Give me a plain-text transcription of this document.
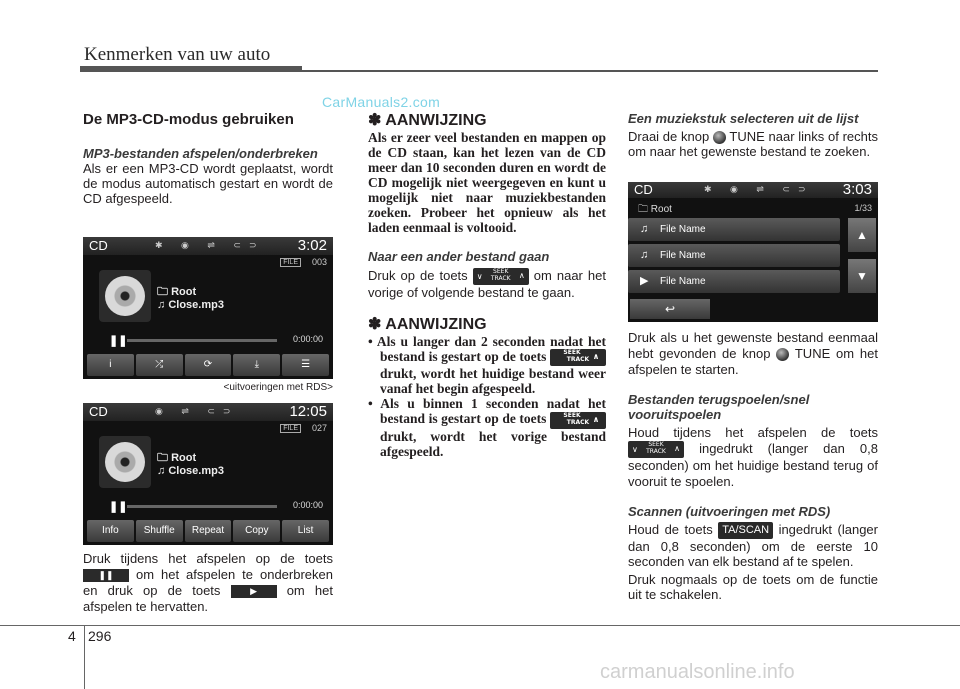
Kenmerken van uw auto
CarManuals2.com
4 296
carmanualsonline.info
De MP3-CD-modus gebruiken

MP3-bestanden afspelen/onderbreken

Als er een MP3-CD wordt geplaatst, wordt de modus automatisch gestart en wordt de CD afgespeeld.

CD	✱ ◉ ⇌ ⊂⊃ 3:02
FILE	003
🗀 Root
♫ Close.mp3
❚❚	0:00:00
i	⤮	⟳	⤓	☰
<uitvoeringen met RDS>
CD	◉ ⇌ ⊂⊃	12:05
FILE	027
🗀 Root
♫ Close.mp3
❚❚	0:00:00
Info	Shuffle	Repeat	Copy	List

Druk tijdens het afspelen op de toets ❚❚ om het afspelen te onderbreken en druk op de toets	▶ om het afspelen te hervatten.

✽ AANWIJZING

Als er zeer veel bestanden en mappen op de CD staan, kan het lezen van de CD meer dan 10 seconden duren en wordt de CD mogelijk niet weergegeven en kunt u mogelijk niet naar muziekbestanden zoeken. Probeer het opnieuw als het laden eenmaal is voltooid.

Naar een ander bestand gaan

Druk op de toets ∨
SEEK
TRACK ∧ om naar het vorige of volgende bestand te gaan.

✽ AANWIJZING

• Als u langer dan 2 seconden nadat het bestand is gestart op de toets
∨
SEEK
TRACK ∧
drukt, wordt het huidige bestand weer vanaf het begin afgespeeld.

• Als u binnen 1 seconden nadat het bestand is gestart op de toets
∨
SEEK
TRACK ∧
drukt, wordt het vorige bestand afgespeeld.

Een muziekstuk selecteren uit de lijst

Draai de knop TUNE naar links of rechts om naar het gewenste bestand te zoeken.

CD	✱ ◉ ⇌ ⊂⊃ 3:03
🗀 Root	1/33
♫ File Name
♫ File Name
▶ File Name
▲
▼
↩

Druk als u het gewenste bestand eenmaal hebt gevonden de knop TUNE om het afspelen te starten.

Bestanden terugspoelen/snel vooruitspoelen

Houd tijdens het afspelen de toets
∨
SEEK
TRACK ∧ ingedrukt (langer dan 0,8 seconden) om het huidige bestand terug of vooruit te spoelen.

Scannen (uitvoeringen met RDS)

Houd de toets TA/SCAN ingedrukt (langer dan 0,8 seconden) om de eerste 10 seconden van elk bestand af te spelen.

Druk nogmaals op de toets om de functie uit te schakelen.
